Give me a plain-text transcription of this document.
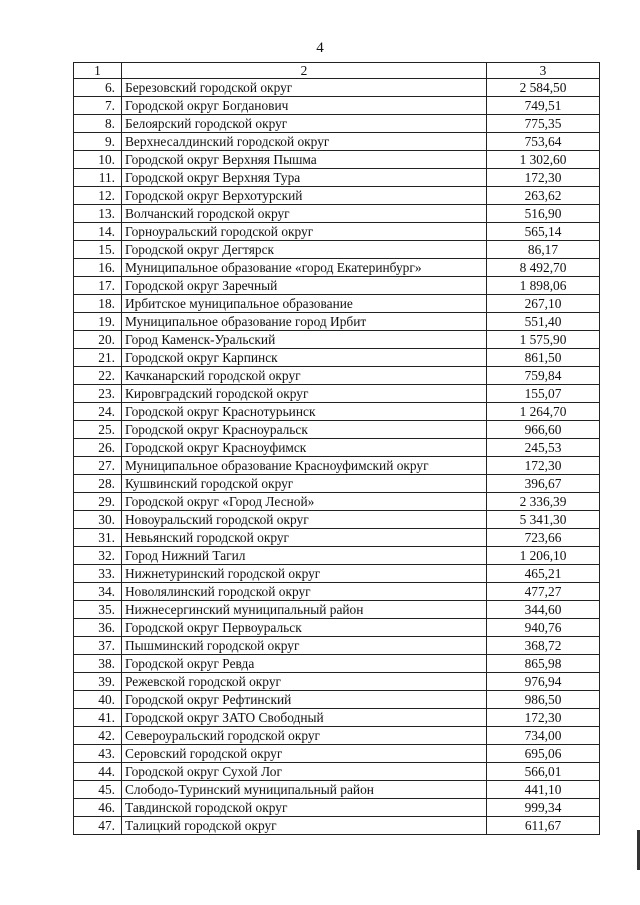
4
1	2	3
6.	Березовский городской округ	2 584,50
7.	Городской округ Богданович	749,51
8.	Белоярский городской округ	775,35
9.	Верхнесалдинский городской округ	753,64
10.	Городской округ Верхняя Пышма	1 302,60
11.	Городской округ Верхняя Тура	172,30
12.	Городской округ Верхотурский	263,62
13.	Волчанский городской округ	516,90
14.	Горноуральский городской округ	565,14
15.	Городской округ Дегтярск	86,17
16.	Муниципальное образование «город Екатеринбург»	8 492,70
17.	Городской округ Заречный	1 898,06
18.	Ирбитское муниципальное образование	267,10
19.	Муниципальное образование город Ирбит	551,40
20.	Город Каменск-Уральский	1 575,90
21.	Городской округ Карпинск	861,50
22.	Качканарский городской округ	759,84
23.	Кировградский городской округ	155,07
24.	Городской округ Краснотурьинск	1 264,70
25.	Городской округ Красноуральск	966,60
26.	Городской округ Красноуфимск	245,53
27.	Муниципальное образование Красноуфимский округ	172,30
28.	Кушвинский городской округ	396,67
29.	Городской округ «Город Лесной»	2 336,39
30.	Новоуральский городской округ	5 341,30
31.	Невьянский городской округ	723,66
32.	Город Нижний Тагил	1 206,10
33.	Нижнетуринский городской округ	465,21
34.	Новолялинский городской округ	477,27
35.	Нижнесергинский муниципальный район	344,60
36.	Городской округ Первоуральск	940,76
37.	Пышминский городской округ	368,72
38.	Городской округ Ревда	865,98
39.	Режевской городской округ	976,94
40.	Городской округ Рефтинский	986,50
41.	Городской округ ЗАТО Свободный	172,30
42.	Североуральский городской округ	734,00
43.	Серовский городской округ	695,06
44.	Городской округ Сухой Лог	566,01
45.	Слободо-Туринский муниципальный район	441,10
46.	Тавдинской городской округ	999,34
47.	Талицкий городской округ	611,67
